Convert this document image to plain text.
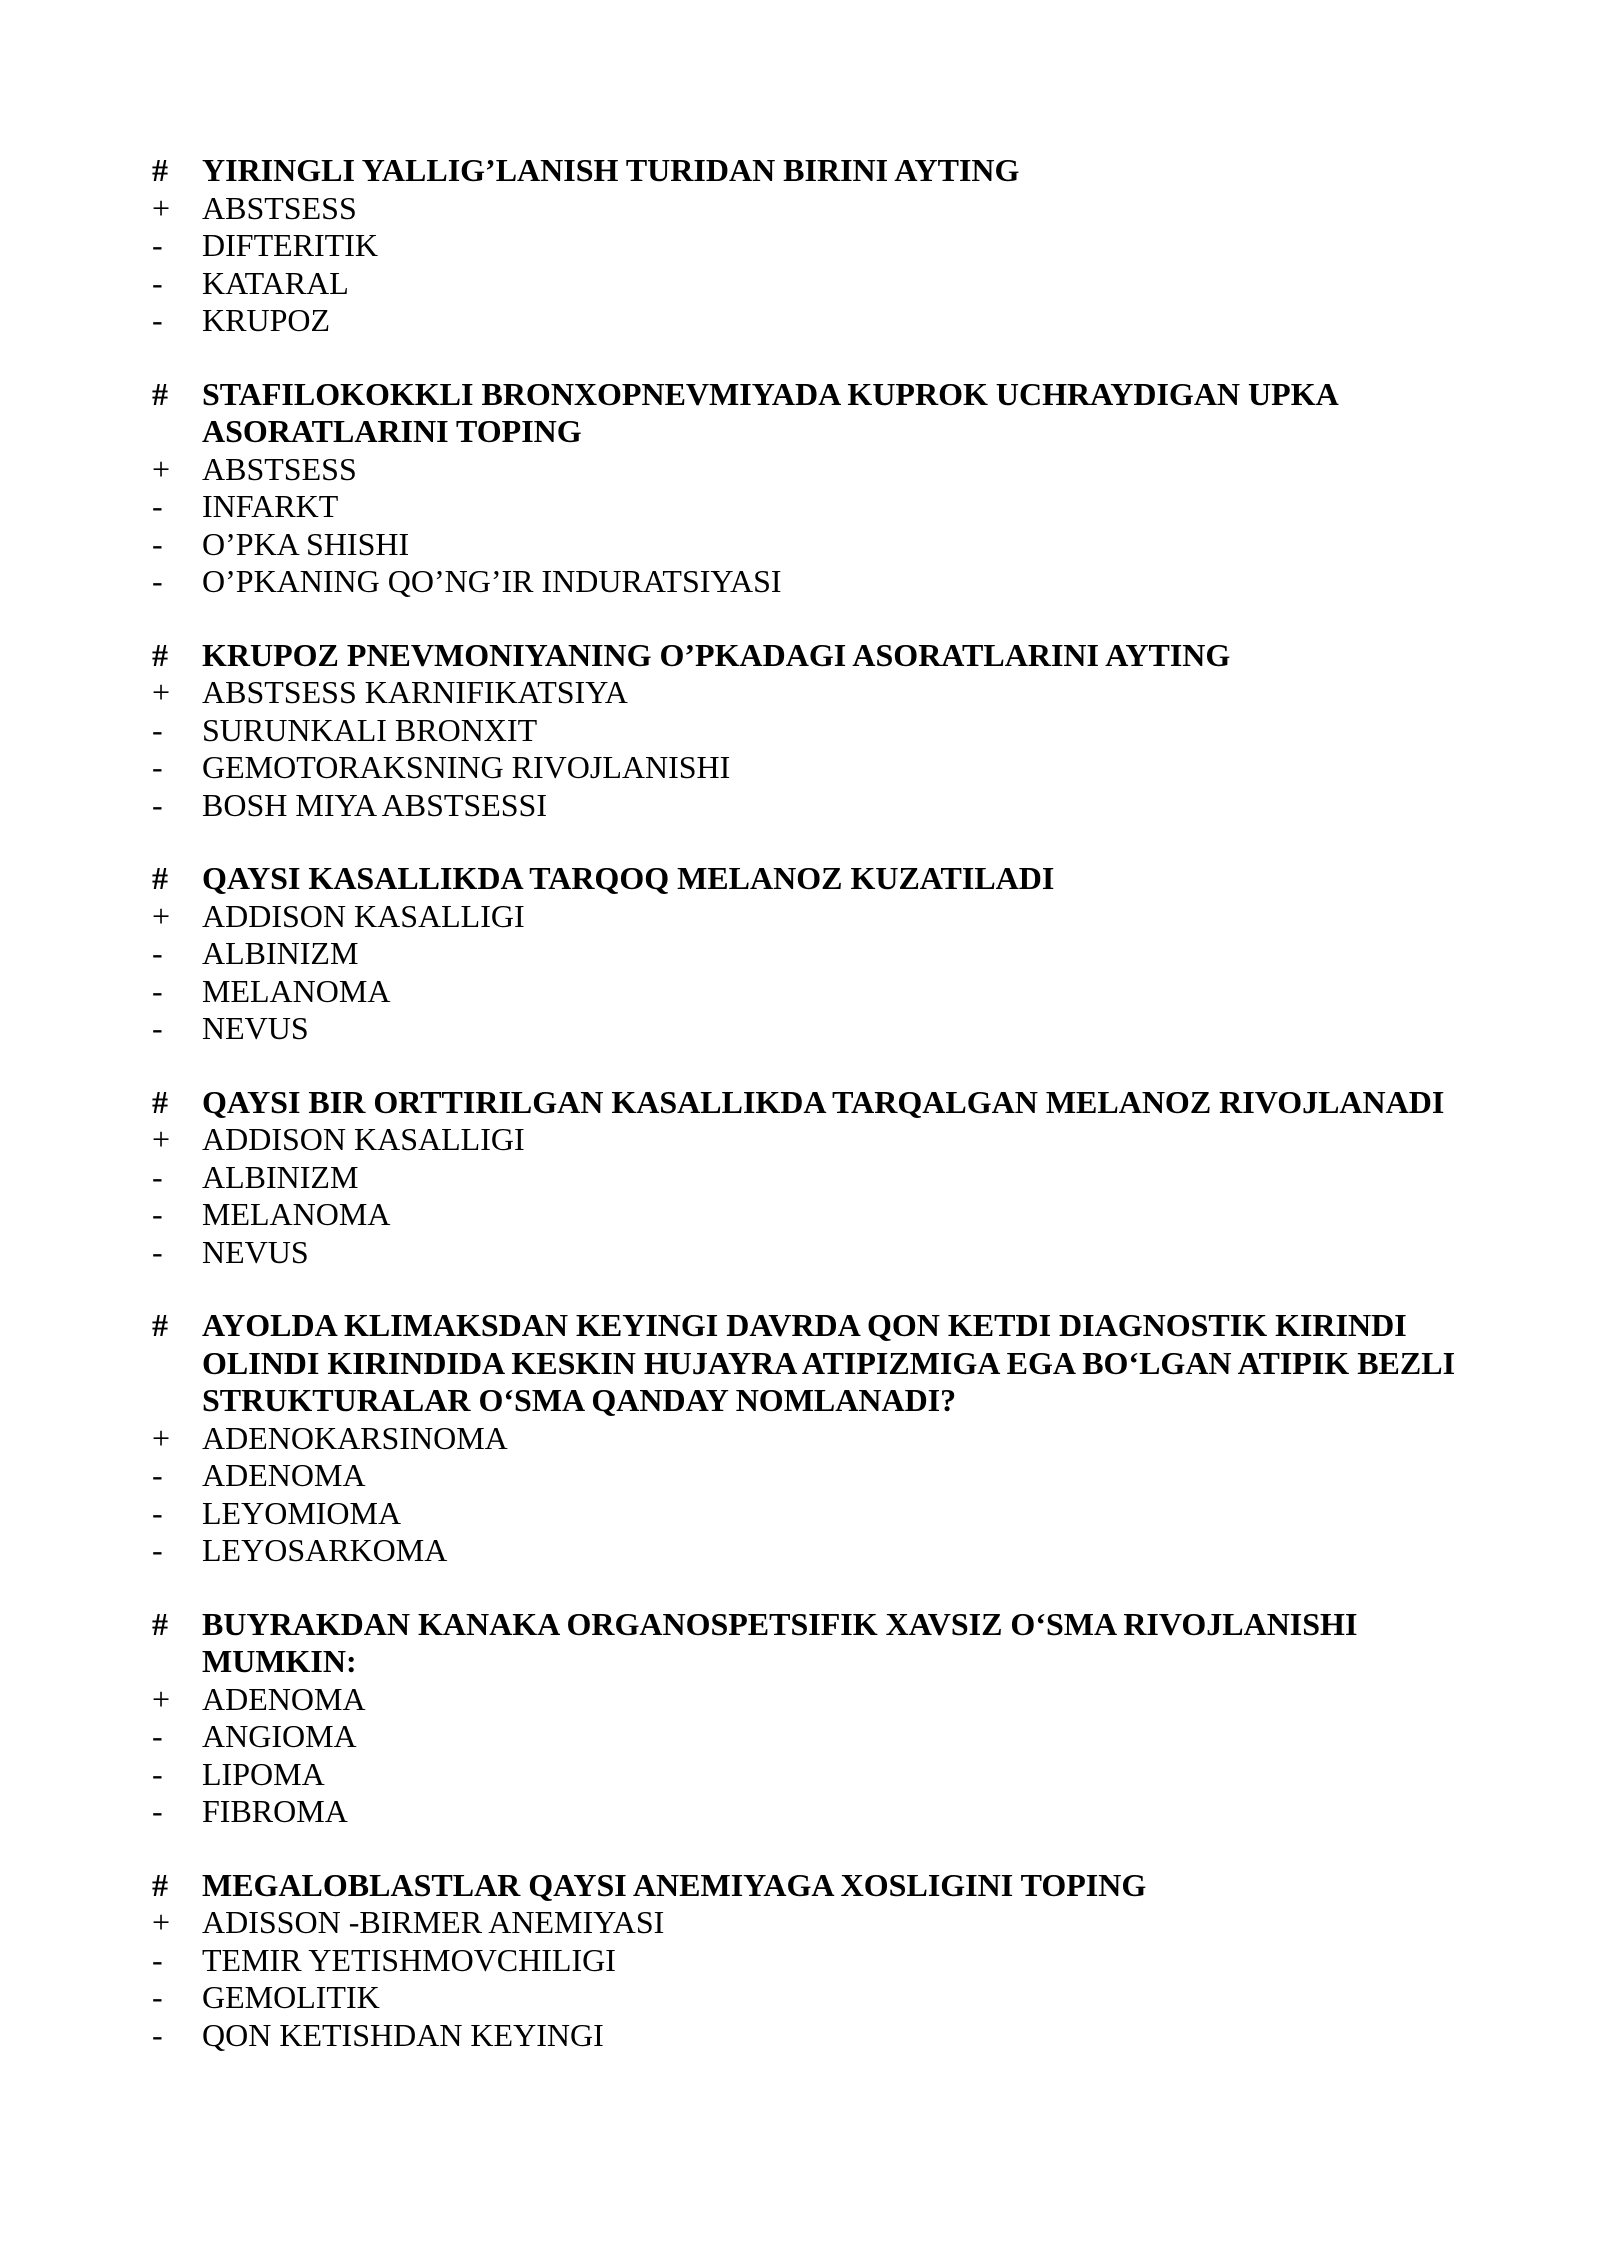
#	YIRINGLI YALLIG’LANISH TURIDAN BIRINI AYTING
+ ABSTSESS
-	DIFTERITIK
-	KATARAL
-	KRUPOZ
#	STAFILOKOKKLI BRONXOPNEVMIYADA KUPROK UCHRAYDIGAN UPKA ASORATLARINI TOPING
+ ABSTSESS
-	INFARKT
-	O’PKA SHISHI
-	O’PKANING QO’NG’IR INDURATSIYASI
#	KRUPOZ PNEVMONIYANING O’PKADAGI ASORATLARINI AYTING
+ ABSTSESS KARNIFIKATSIYA
-	SURUNKALI BRONXIT
-	GEMOTORAKSNING RIVOJLANISHI
-	BOSH MIYA ABSTSESSI
#	QAYSI KASALLIKDA TARQOQ MELANOZ KUZATILADI
+ ADDISON KASALLIGI
-	ALBINIZM
-	MELANOMA
-	NEVUS
#	QAYSI BIR ORTTIRILGAN KASALLIKDA TARQALGAN MELANOZ RIVOJLANADI
+ ADDISON KASALLIGI
-	ALBINIZM
-	MELANOMA
-	NEVUS
#	AYOLDA KLIMAKSDAN KEYINGI DAVRDA QON KETDI DIAGNOSTIK KIRINDI OLINDI KIRINDIDA KESKIN HUJAYRA ATIPIZMIGA EGA BO‘LGAN ATIPIK BEZLI STRUKTURALAR O‘SMA QANDAY NOMLANADI?
+ ADENOKARSINOMA
-	ADENOMA
-	LEYOMIOMA
-	LEYOSARKOMA
#	BUYRAKDAN KANAKA ORGANOSPETSIFIK XAVSIZ O‘SMA RIVOJLANISHI MUMKIN:
+ ADENOMA
-	ANGIOMA
-	LIPOMA
-	FIBROMA
#	MEGALOBLASTLAR QAYSI ANEMIYAGA XOSLIGINI TOPING
+ ADISSON -BIRMER ANEMIYASI
-	TEMIR YETISHMOVCHILIGI
-	GEMOLITIK
-	QON KETISHDAN KEYINGI
